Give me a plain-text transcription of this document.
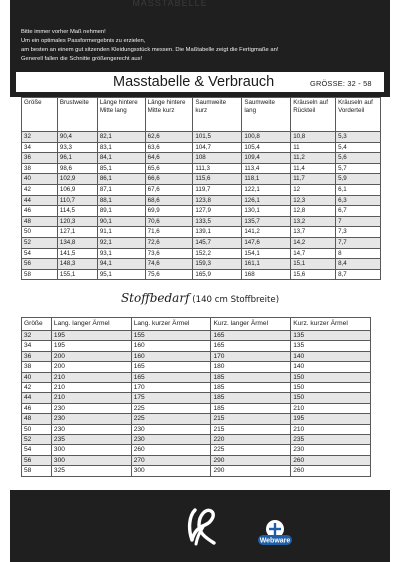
MASSTABELLE
Bitte immer vorher Maß nehmen!
Um ein optimales Passformergebnis zu erzielen,
am besten an einem gut sitzenden Kleidungsstück messen. Die Maßtabelle zeigt die Fertigmaße an!
Generell fallen die Schnitte größengerecht aus!
Masstabelle & Verbrauch	GRÖSSE: 32 - 58
Größe	Brustweite	Länge hintere Mitte lang	Länge hintere Mitte kurz	Saumweite kurz	Saumweite lang	Kräuseln auf Rückteil	Kräuseln auf Vorderteil
32	90,4	82,1	62,6	101,5	100,8	10,8	5,3
34	93,3	83,1	63,6	104,7	105,4	11	5,4
36	96,1	84,1	64,6	108	109,4	11,2	5,6
38	98,6	85,1	65,6	111,3	113,4	11,4	5,7
40	102,9	86,1	66,6	115,6	118,1	11,7	5,9
42	106,9	87,1	67,6	119,7	122,1	12	6,1
44	110,7	88,1	68,6	123,8	126,1	12,3	6,3
46	114,5	89,1	69,9	127,9	130,1	12,8	6,7
48	120,3	90,1	70,6	133,5	135,7	13,2	7
50	127,1	91,1	71,6	139,1	141,2	13,7	7,3
52	134,8	92,1	72,6	145,7	147,6	14,2	7,7
54	141,5	93,1	73,6	152,2	154,1	14,7	8
56	148,3	94,1	74,6	159,3	161,1	15,1	8,4
58	155,1	95,1	75,6	165,9	168	15,6	8,7
Stoffbedarf (140 cm Stoffbreite)
Größe	Lang. langer Ärmel	Lang. kurzer Ärmel	Kurz. langer Ärmel	Kurz. kurzer Ärmel
32	195	155	165	135
34	195	160	165	135
36	200	160	170	140
38	200	165	180	140
40	210	165	185	150
42	210	170	185	150
44	210	175	185	150
46	230	225	185	210
48	230	225	215	195
50	230	230	215	210
52	235	230	220	235
54	300	260	225	230
56	300	270	290	260
58	325	300	290	260
Webware
